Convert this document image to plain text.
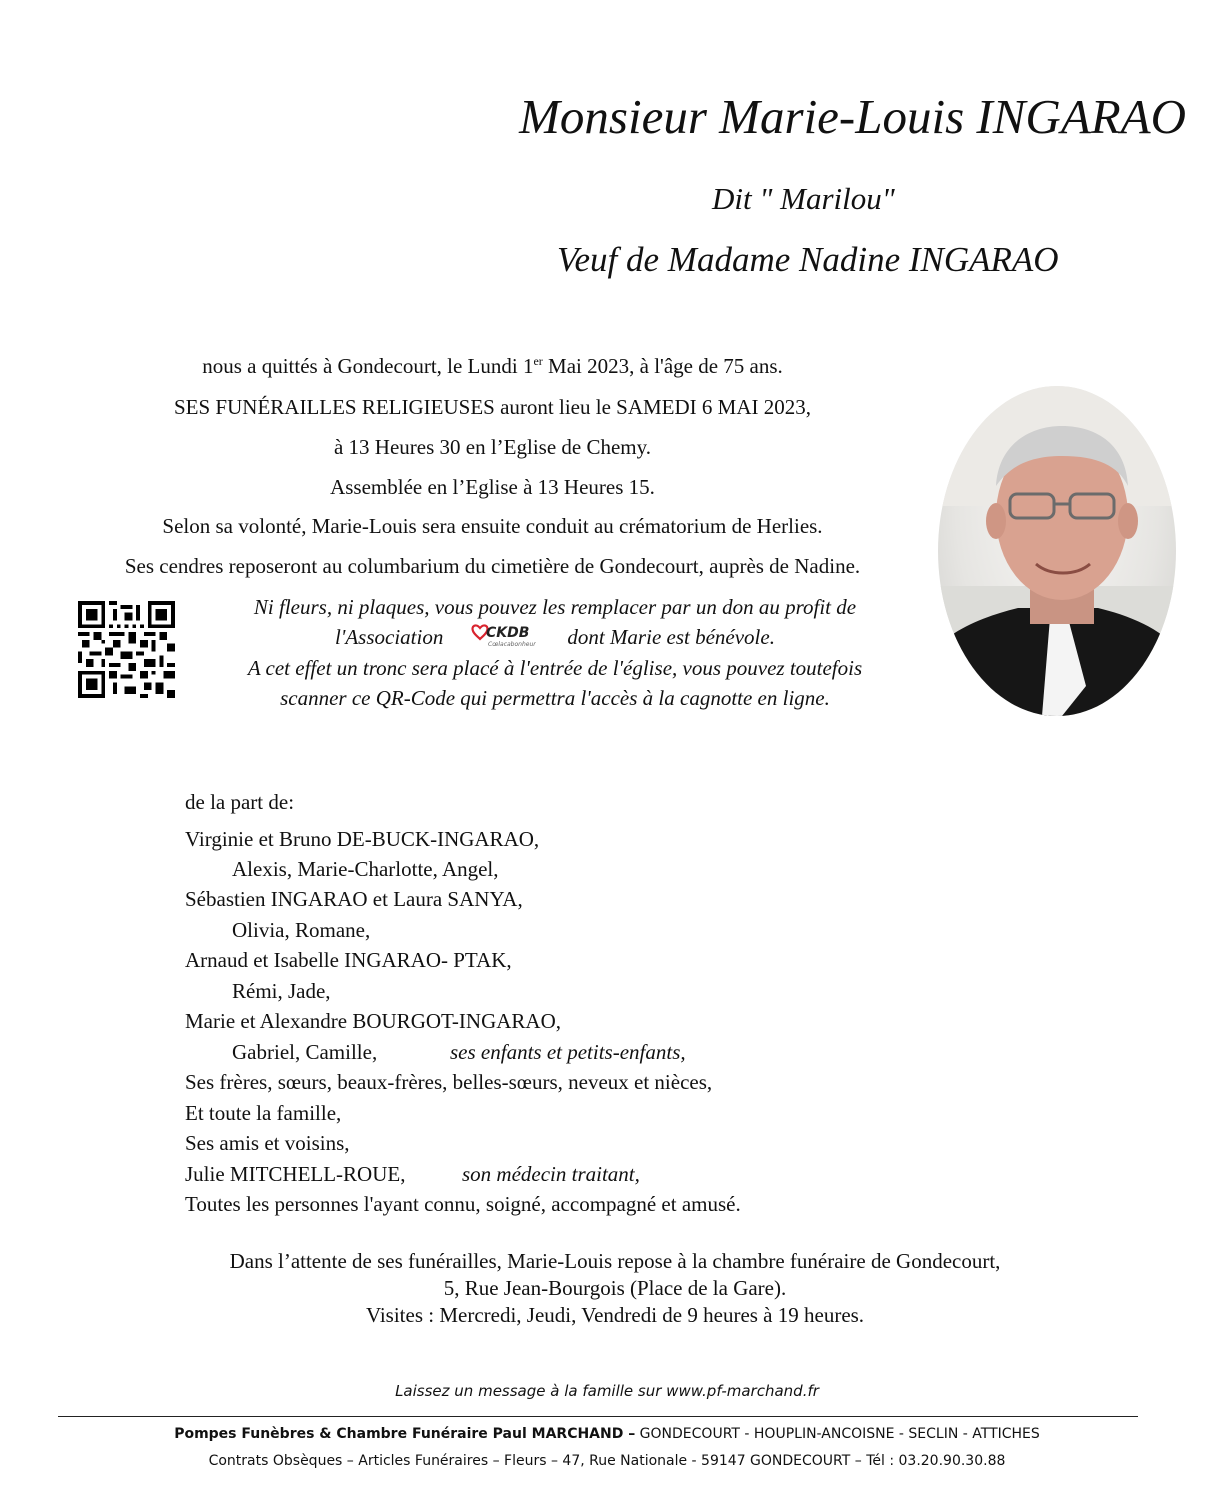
Monsieur Marie-Louis INGARAO
Dit " Marilou"
Veuf de Madame Nadine INGARAO
nous a quittés à Gondecourt, le Lundi 1er Mai 2023, à l'âge de 75 ans.
SES FUNÉRAILLES RELIGIEUSES auront lieu le SAMEDI 6 MAI 2023,
à 13 Heures 30 en l’Eglise de Chemy.
Assemblée en l’Eglise à 13 Heures 15.
Selon sa volonté, Marie-Louis sera ensuite conduit au crématorium de Herlies.
Ses cendres reposeront au columbarium du cimetière de Gondecourt, auprès de Nadine.
Ni fleurs, ni plaques, vous pouvez les remplacer par un don au profit de
l'Association	CKDB
Cœlacabonheur dont Marie est bénévole.
A cet effet un tronc sera placé à l'entrée de l'église, vous pouvez toutefois
scanner ce QR-Code qui permettra l'accès à la cagnotte en ligne.
de la part de:
Virginie et Bruno DE-BUCK-INGARAO,
Alexis, Marie-Charlotte, Angel,
Sébastien INGARAO et Laura SANYA,
Olivia, Romane,
Arnaud et Isabelle INGARAO- PTAK,
Rémi, Jade,
Marie et Alexandre BOURGOT-INGARAO,
Gabriel, Camille,	ses enfants et petits-enfants,
Ses frères, sœurs, beaux-frères, belles-sœurs, neveux et nièces,
Et toute la famille,
Ses amis et voisins,
Julie MITCHELL-ROUE,	son médecin traitant,
Toutes les personnes l'ayant connu, soigné, accompagné et amusé.
Dans l’attente de ses funérailles, Marie-Louis repose à la chambre funéraire de Gondecourt,
5, Rue Jean-Bourgois (Place de la Gare).
Visites : Mercredi, Jeudi, Vendredi de 9 heures à 19 heures.
Laissez un message à la famille sur www.pf-marchand.fr
Pompes Funèbres & Chambre Funéraire Paul MARCHAND – GONDECOURT - HOUPLIN-ANCOISNE - SECLIN - ATTICHES
Contrats Obsèques – Articles Funéraires – Fleurs – 47, Rue Nationale - 59147 GONDECOURT – Tél : 03.20.90.30.88
